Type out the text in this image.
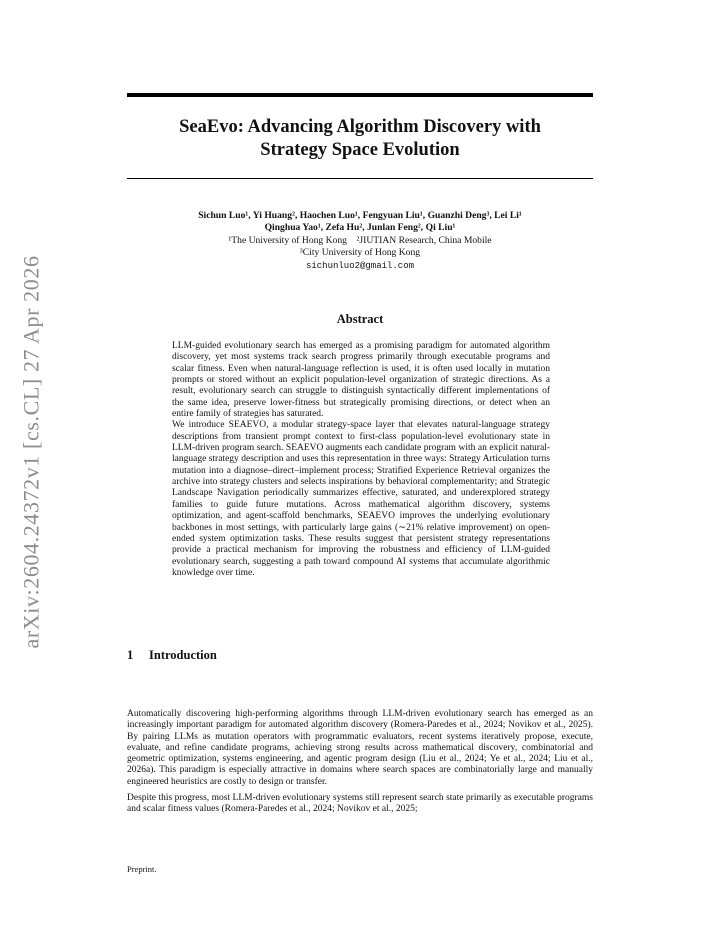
arXiv:2604.24372v1 [cs.CL] 27 Apr 2026
SeaEvo: Advancing Algorithm Discovery with
Strategy Space Evolution
Sichun Luo¹, Yi Huang², Haochen Luo¹, Fengyuan Liu¹, Guanzhi Deng³, Lei Li¹
Qinghua Yao¹, Zefa Hu², Junlan Feng², Qi Liu¹
¹The University of Hong Kong    ²JIUTIAN Research, China Mobile
³City University of Hong Kong
sichunluo2@gmail.com
Abstract

LLM-guided evolutionary search has emerged as a promising paradigm for automated algorithm discovery, yet most systems track search progress primarily through executable programs and scalar fitness. Even when natural-language reflection is used, it is often used locally in mutation prompts or stored without an explicit population-level organization of strategic directions. As a result, evolutionary search can struggle to distinguish syntactically different implementations of the same idea, preserve lower-fitness but strategically promising directions, or detect when an entire family of strategies has saturated.

We introduce SEAEVO, a modular strategy-space layer that elevates natural-language strategy descriptions from transient prompt context to first-class population-level evolutionary state in LLM-driven program search. SEAEVO augments each candidate program with an explicit natural-language strategy description and uses this representation in three ways: Strategy Articulation turns mutation into a diagnose–direct–implement process; Stratified Experience Retrieval organizes the archive into strategy clusters and selects inspirations by behavioral complementarity; and Strategic Landscape Navigation periodically summarizes effective, saturated, and underexplored strategy families to guide future mutations. Across mathematical algorithm discovery, systems optimization, and agent-scaffold benchmarks, SEAEVO improves the underlying evolutionary backbones in most settings, with particularly large gains (∼21% relative improvement) on open-ended system optimization tasks. These results suggest that persistent strategy representations provide a practical mechanism for improving the robustness and efficiency of LLM-guided evolutionary search, suggesting a path toward compound AI systems that accumulate algorithmic knowledge over time.

1 Introduction

Automatically discovering high-performing algorithms through LLM-driven evolutionary search has emerged as an increasingly important paradigm for automated algorithm discovery (Romera-Paredes et al., 2024; Novikov et al., 2025). By pairing LLMs as mutation operators with programmatic evaluators, recent systems iteratively propose, execute, evaluate, and refine candidate programs, achieving strong results across mathematical discovery, combinatorial and geometric optimization, systems engineering, and agentic program design (Liu et al., 2024; Ye et al., 2024; Liu et al., 2026a). This paradigm is especially attractive in domains where search spaces are combinatorially large and manually engineered heuristics are costly to design or transfer.

Despite this progress, most LLM-driven evolutionary systems still represent search state primarily as executable programs and scalar fitness values (Romera-Paredes et al., 2024; Novikov et al., 2025;

Preprint.
